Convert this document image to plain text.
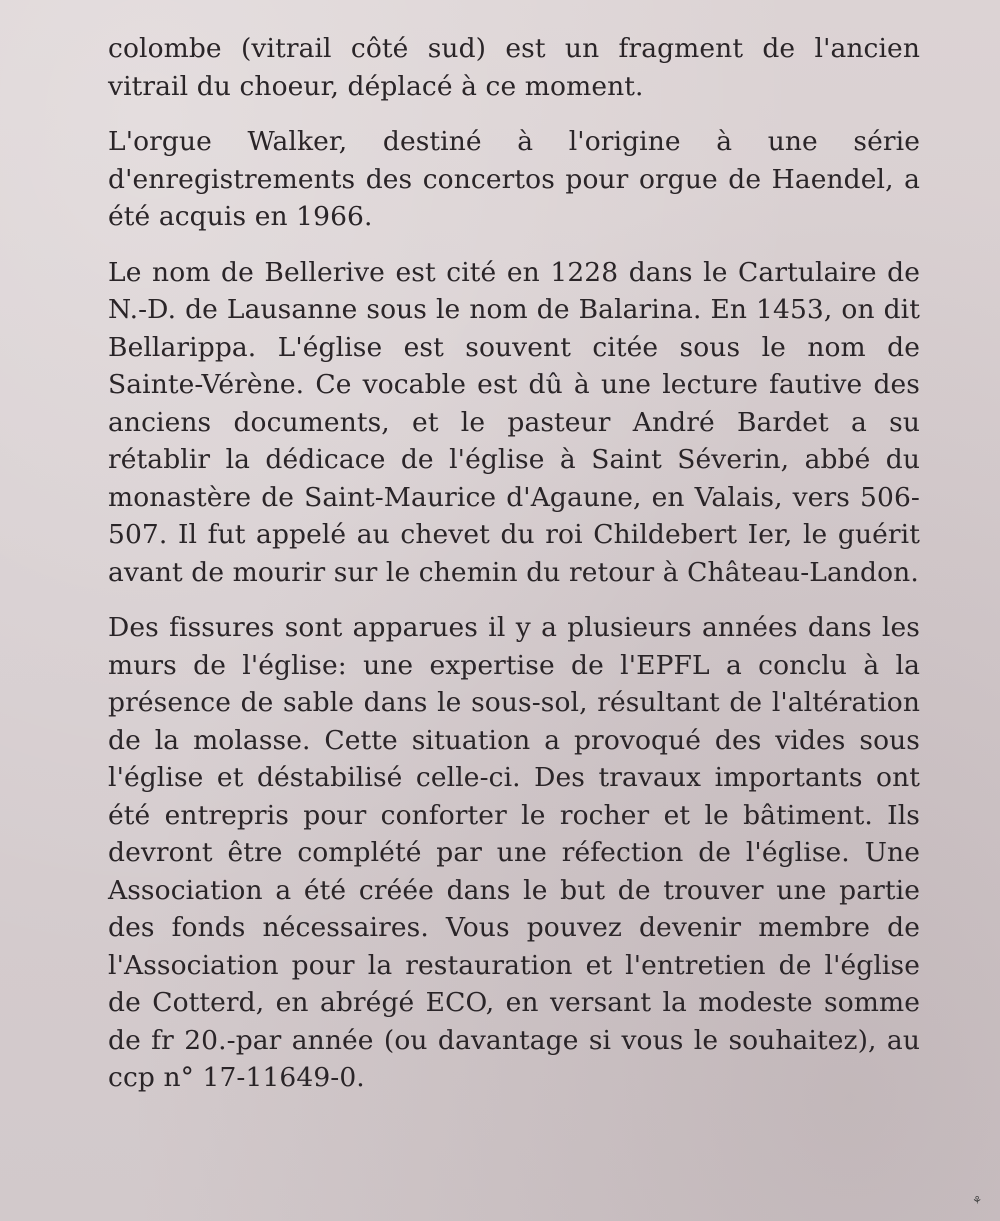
colombe (vitrail côté sud) est un fragment de l'ancien vitrail du choeur, déplacé à ce moment.

L'orgue Walker, destiné à l'origine à une série d'enregistrements des concertos pour orgue de Haendel, a été acquis en 1966.

Le nom de Bellerive est cité en 1228 dans le Cartulaire de N.-D. de Lausanne sous le nom de Balarina. En 1453, on dit Bellarippa. L'église est souvent citée sous le nom de Sainte-Vérène. Ce vocable est dû à une lecture fautive des anciens documents, et le pasteur André Bardet a su rétablir la dédicace de l'église à Saint Séverin, abbé du monastère de Saint-Maurice d'Agaune, en Valais, vers 506-507. Il fut appelé au chevet du roi Childebert Ier, le guérit avant de mourir sur le chemin du retour à Château-Landon.

Des fissures sont apparues il y a plusieurs années dans les murs de l'église: une expertise de l'EPFL a conclu à la présence de sable dans le sous-sol, résultant de l'altération de la molasse. Cette situation a provoqué des vides sous l'église et déstabilisé celle-ci. Des travaux importants ont été entrepris pour conforter le rocher et le bâtiment. Ils devront être complété par une réfection de l'église. Une Association a été créée dans le but de trouver une partie des fonds nécessaires. Vous pouvez devenir membre de l'Association pour la restauration et l'entretien de l'église de Cotterd, en abrégé ECO, en versant la modeste somme de fr 20.-par année (ou davantage si vous le souhaitez), au ccp n° 17-11649-0.

⚘
